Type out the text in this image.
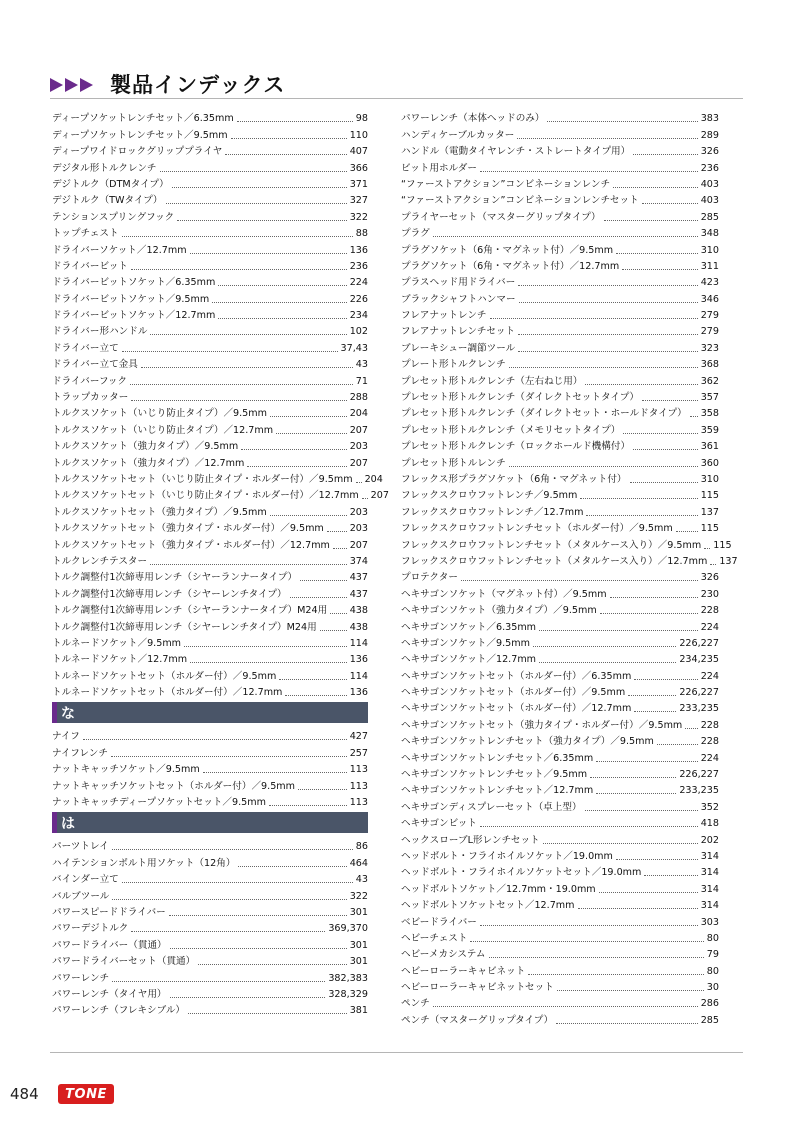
製品インデックス
ディープソケットレンチセット／6.35mm	98
ディープソケットレンチセット／9.5mm	110
ディープワイドロックグリッププライヤ	407
デジタル形トルクレンチ	366
デジトルク（DTMタイプ）	371
デジトルク（TWタイプ）	327
テンションスプリングフック	322
トップチェスト	88
ドライバーソケット／12.7mm	136
ドライバービット	236
ドライバービットソケット／6.35mm	224
ドライバービットソケット／9.5mm	226
ドライバービットソケット／12.7mm	234
ドライバー形ハンドル	102
ドライバー立て	37,43
ドライバー立て金具	43
ドライバーフック	71
トラップカッター	288
トルクスソケット（いじり防止タイプ）／9.5mm	204
トルクスソケット（いじり防止タイプ）／12.7mm	207
トルクスソケット（強力タイプ）／9.5mm	203
トルクスソケット（強力タイプ）／12.7mm	207
トルクスソケットセット（いじり防止タイプ・ホルダー付）／9.5mm 204
トルクスソケットセット（いじり防止タイプ・ホルダー付）／12.7mm 207
トルクスソケットセット（強力タイプ）／9.5mm	203
トルクスソケットセット（強力タイプ・ホルダー付）／9.5mm	203
トルクスソケットセット（強力タイプ・ホルダー付）／12.7mm 207
トルクレンチテスター	374
トルク調整付1次締専用レンチ（シヤーランナータイプ）	437
トルク調整付1次締専用レンチ（シヤーレンチタイプ）	437
トルク調整付1次締専用レンチ（シヤーランナータイプ）M24用 438
トルク調整付1次締専用レンチ（シヤーレンチタイプ）M24用	438
トルネードソケット／9.5mm	114
トルネードソケット／12.7mm	136
トルネードソケットセット（ホルダー付）／9.5mm	114
トルネードソケットセット（ホルダー付）／12.7mm	136
な
ナイフ	427
ナイフレンチ	257
ナットキャッチソケット／9.5mm	113
ナットキャッチソケットセット（ホルダー付）／9.5mm	113
ナットキャッチディープソケットセット／9.5mm	113
は
パーツトレイ	86
ハイテンションボルト用ソケット（12角）	464
バインダー立て	43
バルブツール	322
パワースピードドライバー	301
パワーデジトルク	369,370
パワードライバー（貫通）	301
パワードライバーセット（貫通）	301
パワーレンチ	382,383
パワーレンチ（タイヤ用）	328,329
パワーレンチ（フレキシブル）	381
パワーレンチ（本体ヘッドのみ）	383
ハンディケーブルカッター	289
ハンドル（電動タイヤレンチ・ストレートタイプ用）	326
ビット用ホルダー	236
“ファーストアクション”コンビネーションレンチ	403
“ファーストアクション”コンビネーションレンチセット	403
プライヤーセット（マスターグリップタイプ）	285
プラグ	348
プラグソケット（6角・マグネット付）／9.5mm	310
プラグソケット（6角・マグネット付）／12.7mm	311
プラスヘッド用ドライバー	423
ブラックシャフトハンマー	346
フレアナットレンチ	279
フレアナットレンチセット	279
ブレーキシュー調節ツール	323
プレート形トルクレンチ	368
プレセット形トルクレンチ（左右ねじ用）	362
プレセット形トルクレンチ（ダイレクトセットタイプ）	357
プレセット形トルクレンチ（ダイレクトセット・ホールドタイプ） 358
プレセット形トルクレンチ（メモリセットタイプ）	359
プレセット形トルクレンチ（ロックホールド機構付）	361
プレセット形トルレンチ	360
フレックス形プラグソケット（6角・マグネット付）	310
フレックスクロウフットレンチ／9.5mm	115
フレックスクロウフットレンチ／12.7mm	137
フレックスクロウフットレンチセット（ホルダー付）／9.5mm	115
フレックスクロウフットレンチセット（メタルケース入り）／9.5mm 115
フレックスクロウフットレンチセット（メタルケース入り）／12.7mm 137
プロテクター	326
ヘキサゴンソケット（マグネット付）／9.5mm	230
ヘキサゴンソケット（強力タイプ）／9.5mm	228
ヘキサゴンソケット／6.35mm	224
ヘキサゴンソケット／9.5mm	226,227
ヘキサゴンソケット／12.7mm	234,235
ヘキサゴンソケットセット（ホルダー付）／6.35mm	224
ヘキサゴンソケットセット（ホルダー付）／9.5mm	226,227
ヘキサゴンソケットセット（ホルダー付）／12.7mm	233,235
ヘキサゴンソケットセット（強力タイプ・ホルダー付）／9.5mm 228
ヘキサゴンソケットレンチセット（強力タイプ）／9.5mm	228
ヘキサゴンソケットレンチセット／6.35mm	224
ヘキサゴンソケットレンチセット／9.5mm	226,227
ヘキサゴンソケットレンチセット／12.7mm	233,235
ヘキサゴンディスプレーセット（卓上型）	352
ヘキサゴンビット	418
ヘックスローブL形レンチセット	202
ヘッドボルト・フライホイルソケット／19.0mm	314
ヘッドボルト・フライホイルソケットセット／19.0mm	314
ヘッドボルトソケット／12.7mm・19.0mm	314
ヘッドボルトソケットセット／12.7mm	314
ベビードライバー	303
ヘビーチェスト	80
ヘビーメカシステム	79
ヘビーローラーキャビネット	80
ヘビーローラーキャビネットセット	30
ペンチ	286
ペンチ（マスターグリップタイプ）	285
484 TONE
